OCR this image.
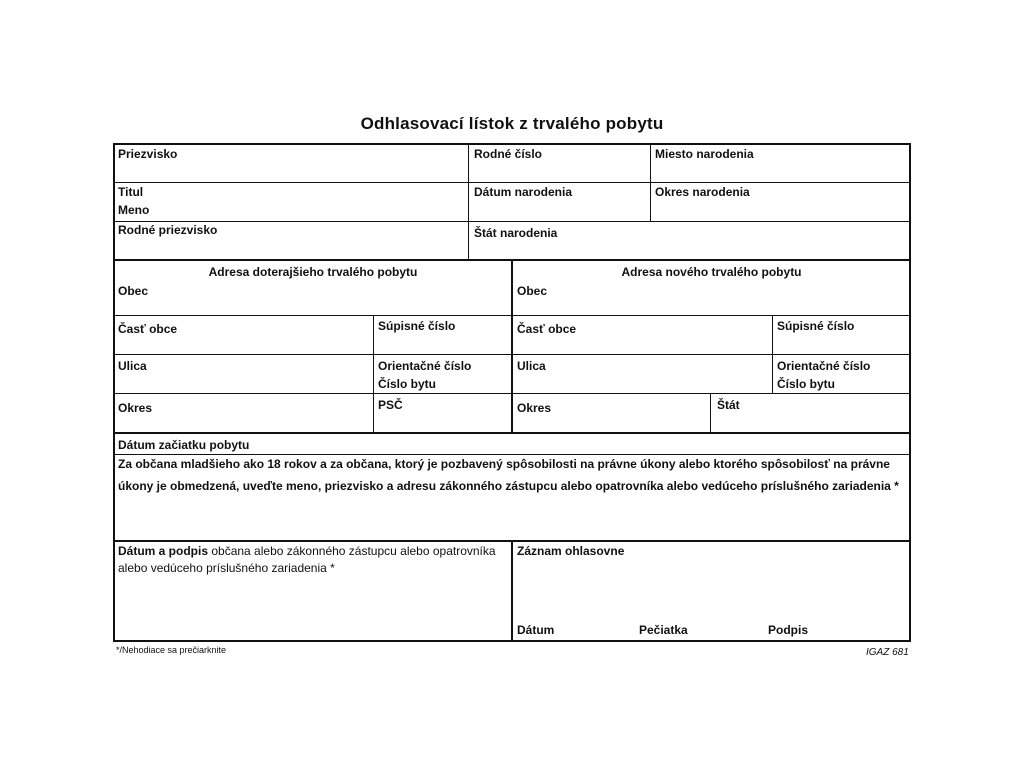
Odhlasovací lístok z trvalého pobytu
Priezvisko	Rodné číslo	Miesto narodenia
Titul
Meno
Dátum narodenia	Okres narodenia
Rodné priezvisko	Štát narodenia
Adresa doterajšieho trvalého pobytu
Obec
Časť obce	Súpisné číslo
Ulica	Orientačné číslo
Číslo bytu
Okres	PSČ
Adresa nového trvalého pobytu
Obec
Časť obce	Súpisné číslo
Ulica	Orientačné číslo
Číslo bytu
Okres	Štát
Dátum začiatku pobytu
Za občana mladšieho ako 18 rokov a za občana, ktorý je pozbavený spôsobilosti na právne úkony alebo ktorého spôsobilosť na právne úkony je obmedzená, uveďte meno, priezvisko a adresu zákonného zástupcu alebo opatrovníka alebo vedúceho príslušného zariadenia *
Dátum a podpis občana alebo zákonného zástupcu alebo opatrovníka alebo vedúceho príslušného zariadenia *
Záznam ohlasovne
Dátum	Pečiatka	Podpis
*/Nehodiace sa prečiarknite	IGAZ 681
